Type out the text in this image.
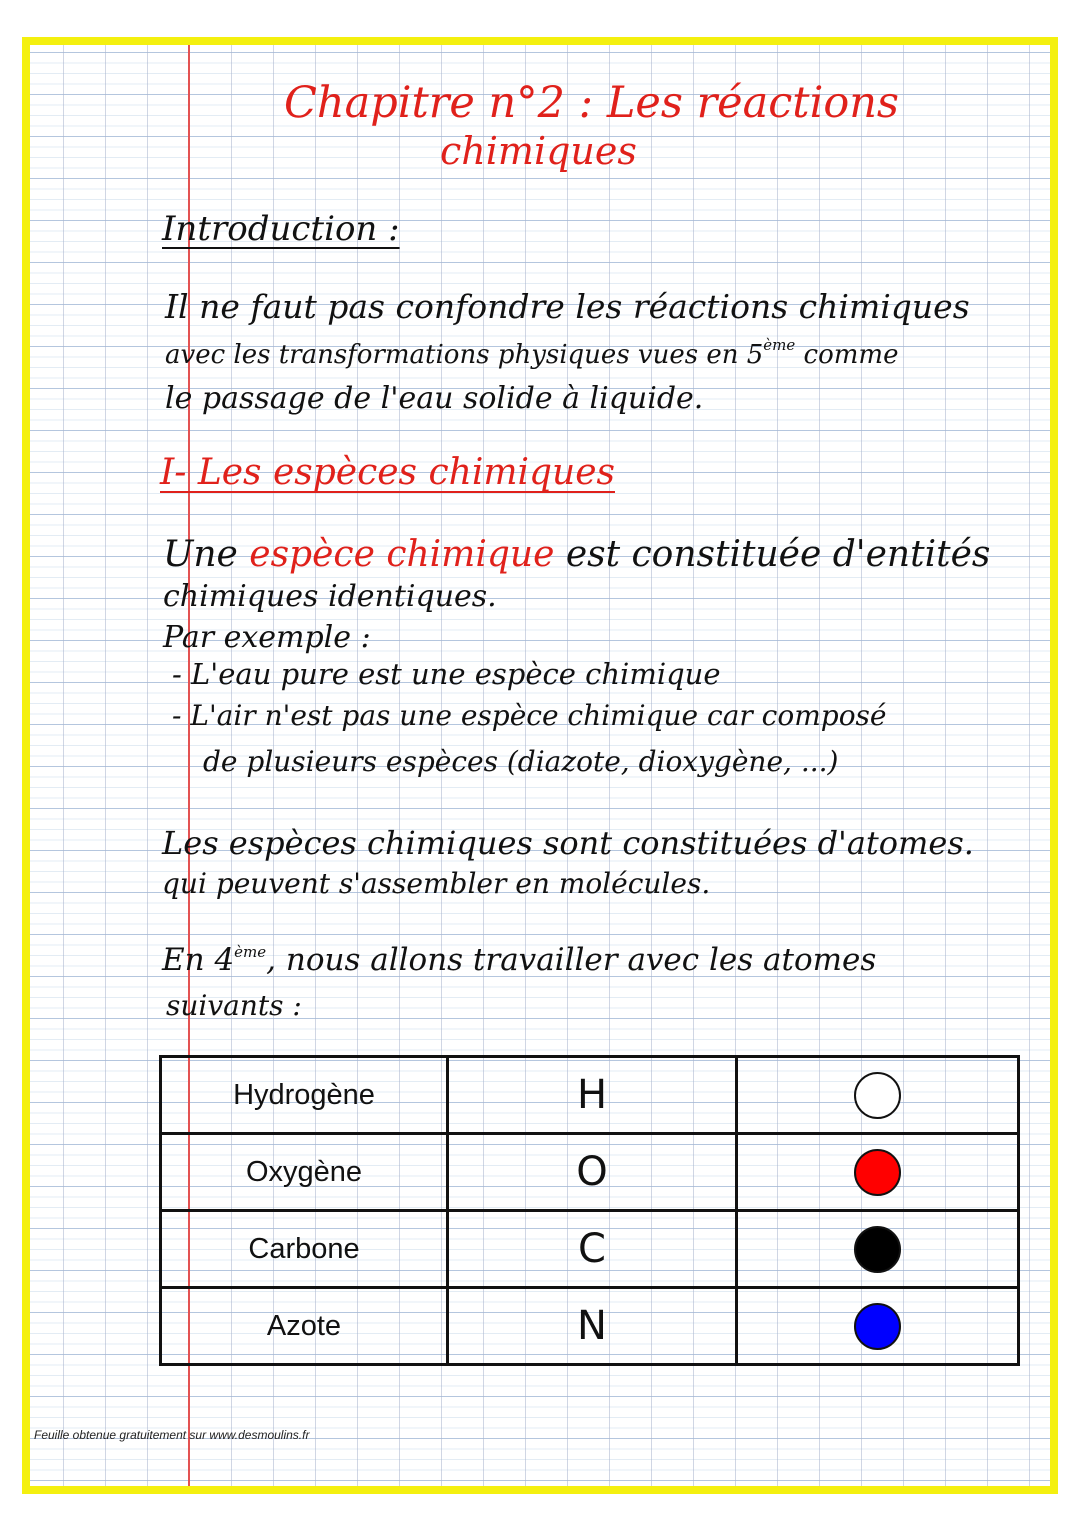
Chapitre n°2 : Les réactions
chimiques
Introduction :
Il ne faut pas confondre les réactions chimiques
avec les transformations physiques vues en 5ème comme
le passage de l'eau solide à liquide.
I- Les espèces chimiques
Une espèce chimique est constituée d'entités
chimiques identiques.
Par exemple :
- L'eau pure est une espèce chimique
- L'air n'est pas une espèce chimique car composé
de plusieurs espèces (diazote, dioxygène, ...)
Les espèces chimiques sont constituées d'atomes.
qui peuvent s'assembler en molécules.
En 4ème, nous allons travailler avec les atomes
suivants :
Hydrogène	H	
Oxygène	O	
Carbone	C	
Azote	N	
Feuille obtenue gratuitement sur www.desmoulins.fr
